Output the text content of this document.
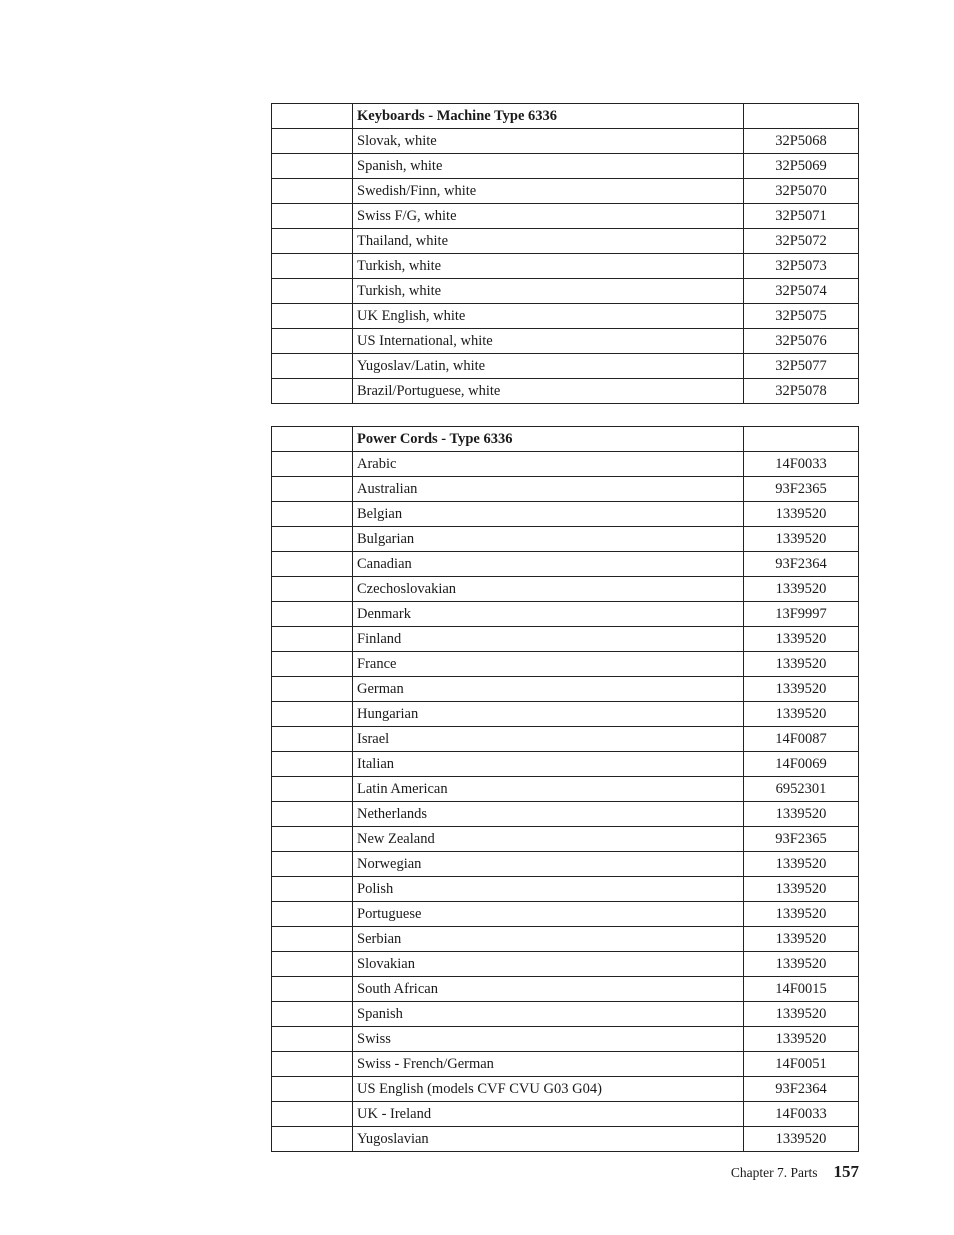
	Keyboards - Machine Type 6336	
	Slovak, white	32P5068
	Spanish, white	32P5069
	Swedish/Finn, white	32P5070
	Swiss F/G, white	32P5071
	Thailand, white	32P5072
	Turkish, white	32P5073
	Turkish, white	32P5074
	UK English, white	32P5075
	US International, white	32P5076
	Yugoslav/Latin, white	32P5077
	Brazil/Portuguese, white	32P5078
	Power Cords - Type 6336	
	Arabic	14F0033
	Australian	93F2365
	Belgian	1339520
	Bulgarian	1339520
	Canadian	93F2364
	Czechoslovakian	1339520
	Denmark	13F9997
	Finland	1339520
	France	1339520
	German	1339520
	Hungarian	1339520
	Israel	14F0087
	Italian	14F0069
	Latin American	6952301
	Netherlands	1339520
	New Zealand	93F2365
	Norwegian	1339520
	Polish	1339520
	Portuguese	1339520
	Serbian	1339520
	Slovakian	1339520
	South African	14F0015
	Spanish	1339520
	Swiss	1339520
	Swiss - French/German	14F0051
	US English (models CVF CVU G03 G04)	93F2364
	UK - Ireland	14F0033
	Yugoslavian	1339520
Chapter 7. Parts 157
